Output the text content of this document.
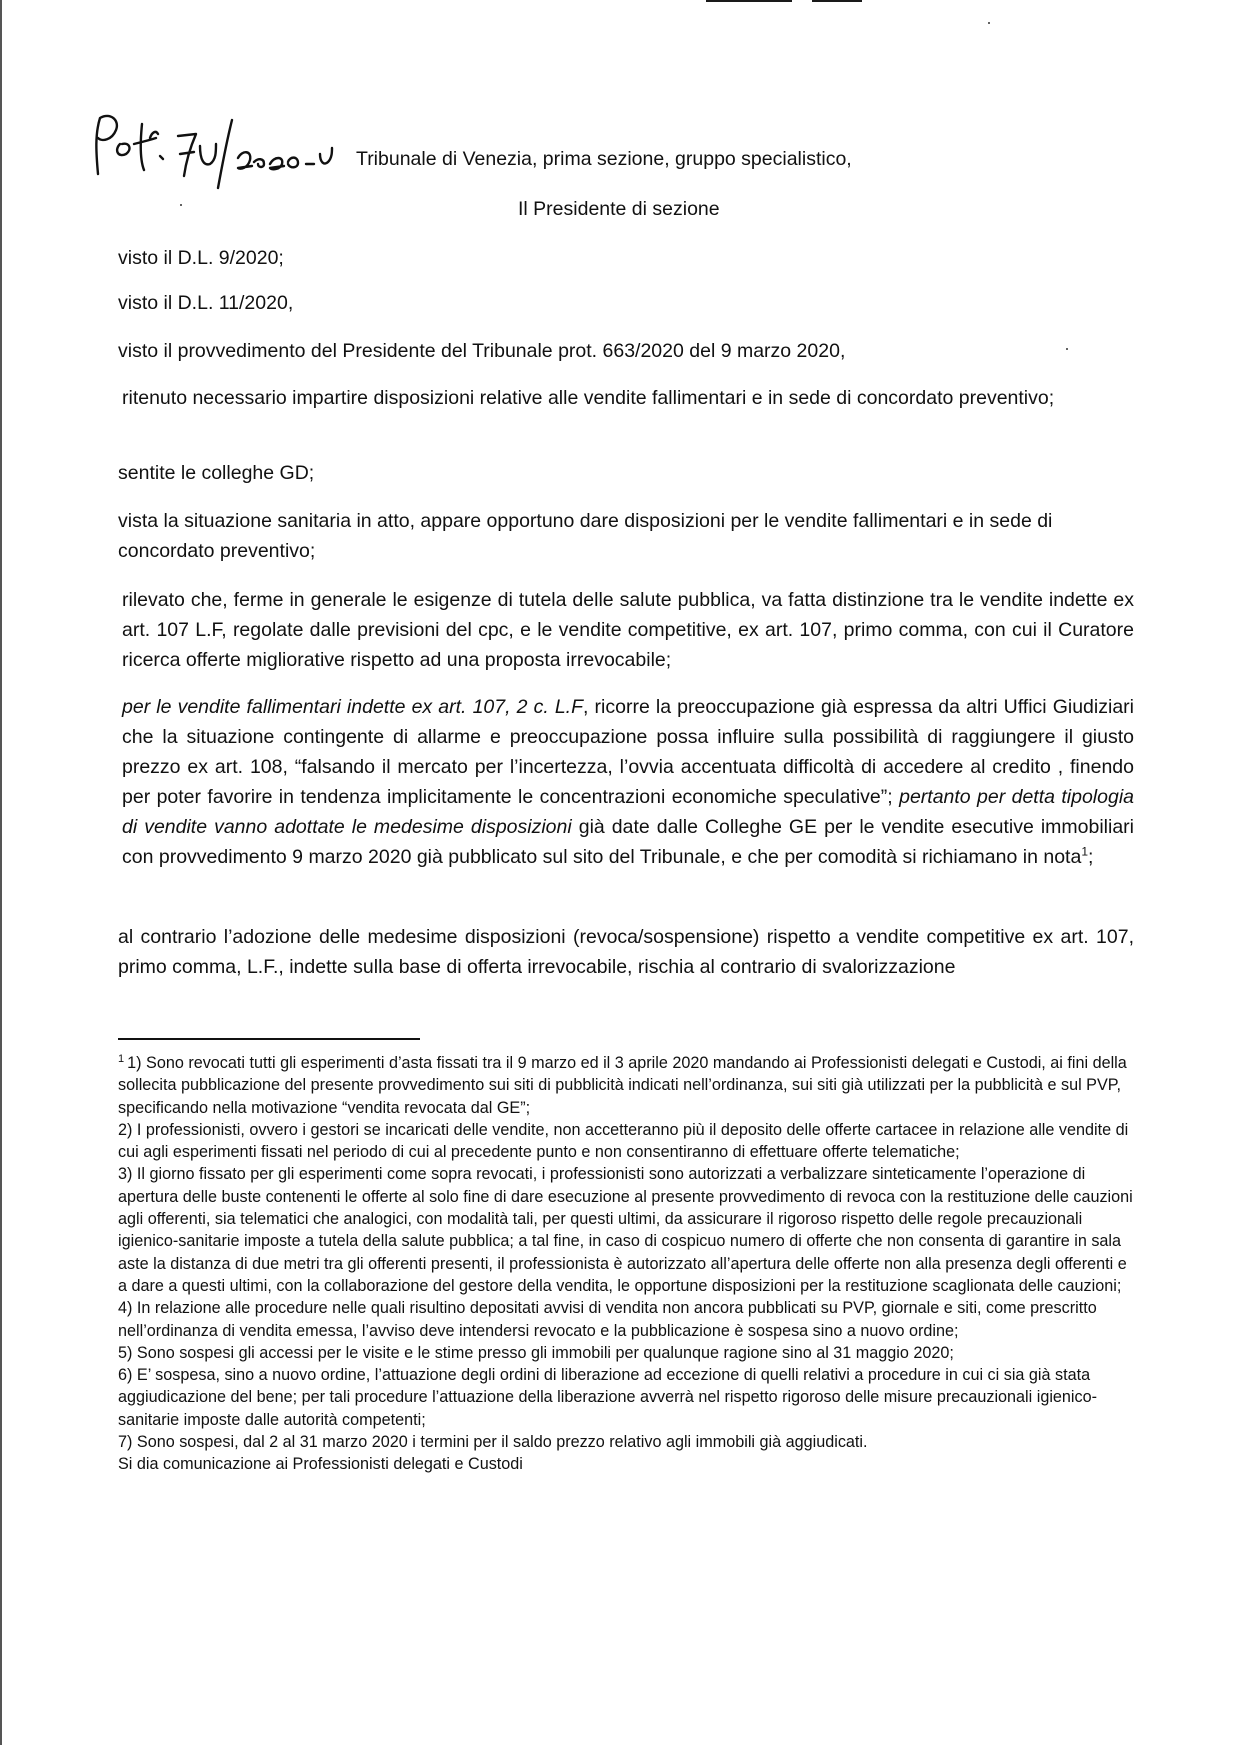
Tribunale di Venezia, prima sezione, gruppo specialistico,
Il Presidente di sezione

visto il D.L. 9/2020;

visto il D.L. 11/2020,

visto il provvedimento del Presidente del Tribunale prot. 663/2020 del 9 marzo 2020,

ritenuto necessario impartire disposizioni relative alle vendite fallimentari e in sede di concordato preventivo;

sentite le colleghe GD;

vista la situazione sanitaria in atto, appare opportuno dare disposizioni per le vendite fallimentari e in sede di concordato preventivo;

rilevato che, ferme in generale le esigenze di tutela delle salute pubblica, va fatta distinzione tra le vendite indette ex art. 107 L.F, regolate dalle previsioni del cpc, e le vendite competitive, ex art. 107, primo comma, con cui il Curatore ricerca offerte migliorative rispetto ad una proposta irrevocabile;

per le vendite fallimentari indette ex art. 107, 2 c. L.F, ricorre la preoccupazione già espressa da altri Uffici Giudiziari che la situazione contingente di allarme e preoccupazione possa influire sulla possibilità di raggiungere il giusto prezzo ex art. 108, “falsando il mercato per l’incertezza, l’ovvia accentuata difficoltà di accedere al credito , finendo per poter favorire in tendenza implicitamente le concentrazioni economiche speculative”; pertanto per detta tipologia di vendite vanno adottate le medesime disposizioni già date dalle Colleghe GE per le vendite esecutive immobiliari con provvedimento 9 marzo 2020 già pubblicato sul sito del Tribunale, e che per comodità si richiamano in nota$^1$;

al contrario l’adozione delle medesime disposizioni (revoca/sospensione) rispetto a vendite competitive ex art. 107, primo comma, L.F., indette sulla base di offerta irrevocabile, rischia al contrario di svalorizzazione

$^1$ 1) Sono revocati tutti gli esperimenti d’asta fissati tra il 9 marzo ed il 3 aprile 2020 mandando ai Professionisti delegati e Custodi, ai fini della sollecita pubblicazione del presente provvedimento sui siti di pubblicità indicati nell’ordinanza, sui siti già utilizzati per la pubblicità e sul PVP, specificando nella motivazione “vendita revocata dal GE”;

2) I professionisti, ovvero i gestori se incaricati delle vendite, non accetteranno più il deposito delle offerte cartacee in relazione alle vendite di cui agli esperimenti fissati nel periodo di cui al precedente punto e non consentiranno di effettuare offerte telematiche;

3) Il giorno fissato per gli esperimenti come sopra revocati, i professionisti sono autorizzati a verbalizzare sinteticamente l’operazione di apertura delle buste contenenti le offerte al solo fine di dare esecuzione al presente provvedimento di revoca con la restituzione delle cauzioni agli offerenti, sia telematici che analogici, con modalità tali, per questi ultimi, da assicurare il rigoroso rispetto delle regole precauzionali igienico-sanitarie imposte a tutela della salute pubblica; a tal fine, in caso di cospicuo numero di offerte che non consenta di garantire in sala aste la distanza di due metri tra gli offerenti presenti, il professionista è autorizzato all’apertura delle offerte non alla presenza degli offerenti e a dare a questi ultimi, con la collaborazione del gestore della vendita, le opportune disposizioni per la restituzione scaglionata delle cauzioni; 4) In relazione alle procedure nelle quali risultino depositati avvisi di vendita non ancora pubblicati su PVP, giornale e siti, come prescritto nell’ordinanza di vendita emessa, l’avviso deve intendersi revocato e la pubblicazione è sospesa sino a nuovo ordine;

5) Sono sospesi gli accessi per le visite e le stime presso gli immobili per qualunque ragione sino al 31 maggio 2020;

6) E’ sospesa, sino a nuovo ordine, l’attuazione degli ordini di liberazione ad eccezione di quelli relativi a procedure in cui ci sia già stata aggiudicazione del bene; per tali procedure l’attuazione della liberazione avverrà nel rispetto rigoroso delle misure precauzionali igienico-sanitarie imposte dalle autorità competenti;

7) Sono sospesi, dal 2 al 31 marzo 2020 i termini per il saldo prezzo relativo agli immobili già aggiudicati.

Si dia comunicazione ai Professionisti delegati e Custodi
